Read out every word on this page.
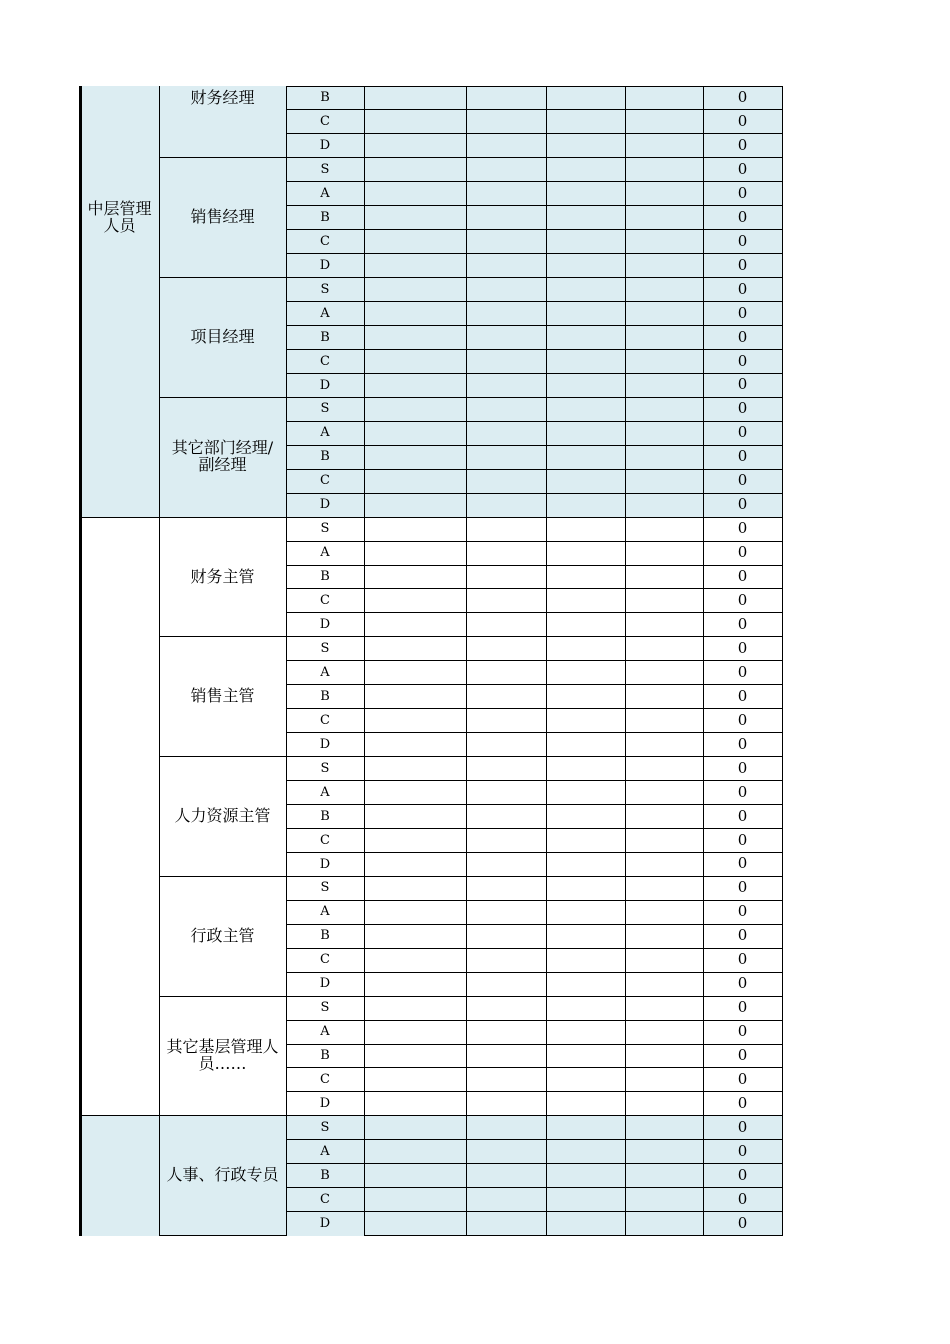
中层管理
人员
财务经理	B	0
C	0
D	0
销售经理
S	0
A	0
B	0
C	0
D	0
项目经理
S	0
A	0
B	0
C	0
D	0
其它部门经理/
副经理
S	0
A	0
B	0
C	0
D	0
财务主管
S	0
A	0
B	0
C	0
D	0
销售主管
S	0
A	0
B	0
C	0
D	0
人力资源主管
S	0
A	0
B	0
C	0
D	0
行政主管
S	0
A	0
B	0
C	0
D	0
其它基层管理人
员……
S	0
A	0
B	0
C	0
D	0
人事、行政专员
S	0
A	0
B	0
C	0
D	0
